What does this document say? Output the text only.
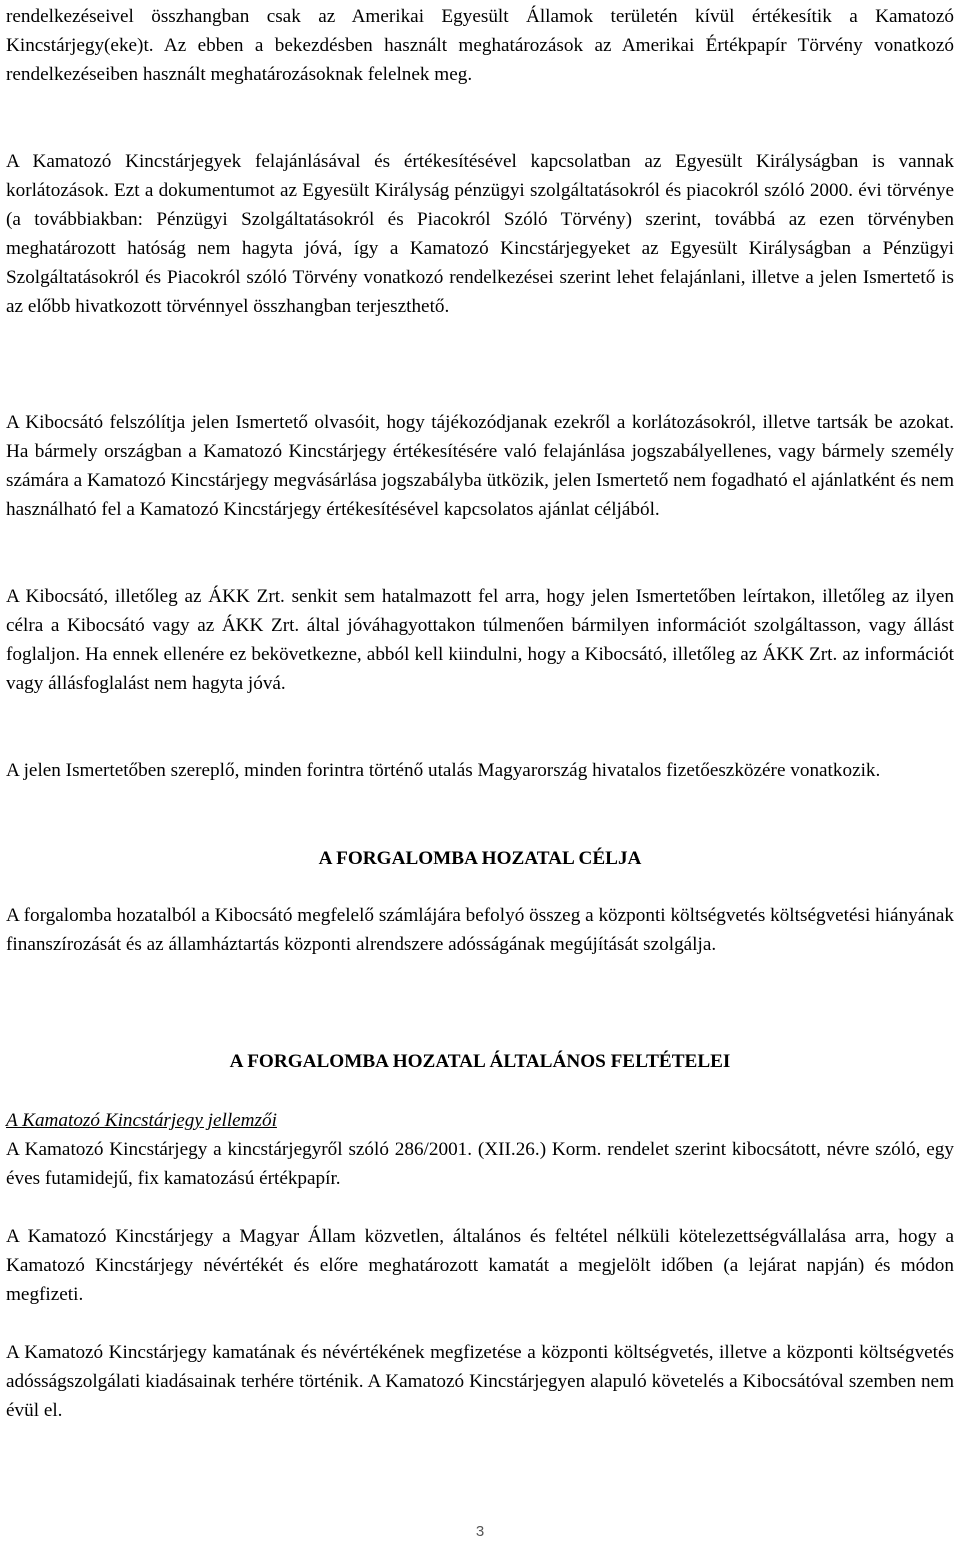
rendelkezéseivel összhangban csak az Amerikai Egyesült Államok területén kívül értékesítik a Kamatozó Kincstárjegy(eke)t. Az ebben a bekezdésben használt meghatározások az Amerikai Értékpapír Törvény vonatkozó rendelkezéseiben használt meghatározásoknak felelnek meg.

A Kamatozó Kincstárjegyek felajánlásával és értékesítésével kapcsolatban az Egyesült Királyságban is vannak korlátozások. Ezt a dokumentumot az Egyesült Királyság pénzügyi szolgáltatásokról és piacokról szóló 2000. évi törvénye (a továbbiakban: Pénzügyi Szolgáltatásokról és Piacokról Szóló Törvény) szerint, továbbá az ezen törvényben meghatározott hatóság nem hagyta jóvá, így a Kamatozó Kincstárjegyeket az Egyesült Királyságban a Pénzügyi Szolgáltatásokról és Piacokról szóló Törvény vonatkozó rendelkezései szerint lehet felajánlani, illetve a jelen Ismertető is az előbb hivatkozott törvénnyel összhangban terjeszthető.

A Kibocsátó felszólítja jelen Ismertető olvasóit, hogy tájékozódjanak ezekről a korlátozásokról, illetve tartsák be azokat. Ha bármely országban a Kamatozó Kincstárjegy értékesítésére való felajánlása jogszabályellenes, vagy bármely személy számára a Kamatozó Kincstárjegy megvásárlása jogszabályba ütközik, jelen Ismertető nem fogadható el ajánlatként és nem használható fel a Kamatozó Kincstárjegy értékesítésével kapcsolatos ajánlat céljából.

A Kibocsátó, illetőleg az ÁKK Zrt. senkit sem hatalmazott fel arra, hogy jelen Ismertetőben leírtakon, illetőleg az ilyen célra a Kibocsátó vagy az ÁKK Zrt. által jóváhagyottakon túlmenően bármilyen információt szolgáltasson, vagy állást foglaljon. Ha ennek ellenére ez bekövetkezne, abból kell kiindulni, hogy a Kibocsátó, illetőleg az ÁKK Zrt. az információt vagy állásfoglalást nem hagyta jóvá.

A jelen Ismertetőben szereplő, minden forintra történő utalás Magyarország hivatalos fizetőeszközére vonatkozik.

A FORGALOMBA HOZATAL CÉLJA

A forgalomba hozatalból a Kibocsátó megfelelő számlájára befolyó összeg a központi költségvetés költségvetési hiányának finanszírozását és az államháztartás központi alrendszere adósságának megújítását szolgálja.

A FORGALOMBA HOZATAL ÁLTALÁNOS FELTÉTELEI

A Kamatozó Kincstárjegy jellemzői

A Kamatozó Kincstárjegy a kincstárjegyről szóló 286/2001. (XII.26.) Korm. rendelet szerint kibocsátott, névre szóló, egy éves futamidejű, fix kamatozású értékpapír.

A Kamatozó Kincstárjegy a Magyar Állam közvetlen, általános és feltétel nélküli kötelezettségvállalása arra, hogy a Kamatozó Kincstárjegy névértékét és előre meghatározott kamatát a megjelölt időben (a lejárat napján) és módon megfizeti.

A Kamatozó Kincstárjegy kamatának és névértékének megfizetése a központi költségvetés, illetve a központi költségvetés adósságszolgálati kiadásainak terhére történik. A Kamatozó Kincstárjegyen alapuló követelés a Kibocsátóval szemben nem évül el.

3
